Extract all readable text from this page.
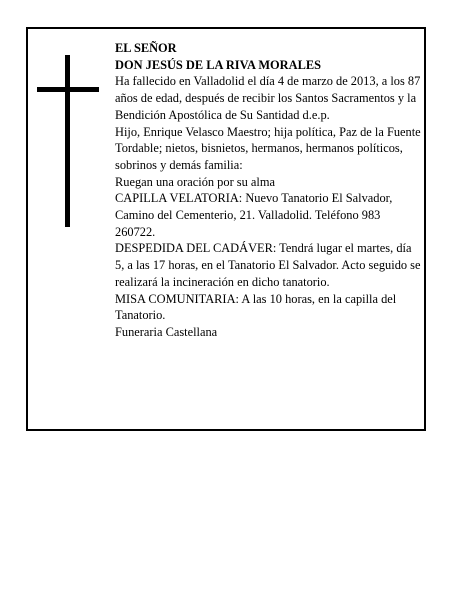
EL SEÑOR

DON JESÚS DE LA RIVA MORALES

Ha fallecido en Valladolid el día 4 de marzo de 2013, a los 87 años de edad, después de recibir los Santos Sacramentos y la Bendición Apostólica de Su Santidad d.e.p.

Hijo, Enrique Velasco Maestro; hija política, Paz de la Fuente Tordable; nietos, bisnietos, hermanos, hermanos políticos, sobrinos y demás familia:

Ruegan una oración por su alma

CAPILLA VELATORIA: Nuevo Tanatorio El Salvador, Camino del Cementerio, 21. Valladolid. Teléfono 983 260722.

DESPEDIDA DEL CADÁVER: Tendrá lugar el martes, día 5, a las 17 horas, en el Tanatorio El Salvador. Acto seguido se realizará la incineración en dicho tanatorio.

MISA COMUNITARIA: A las 10 horas, en la capilla del Tanatorio.

Funeraria Castellana
